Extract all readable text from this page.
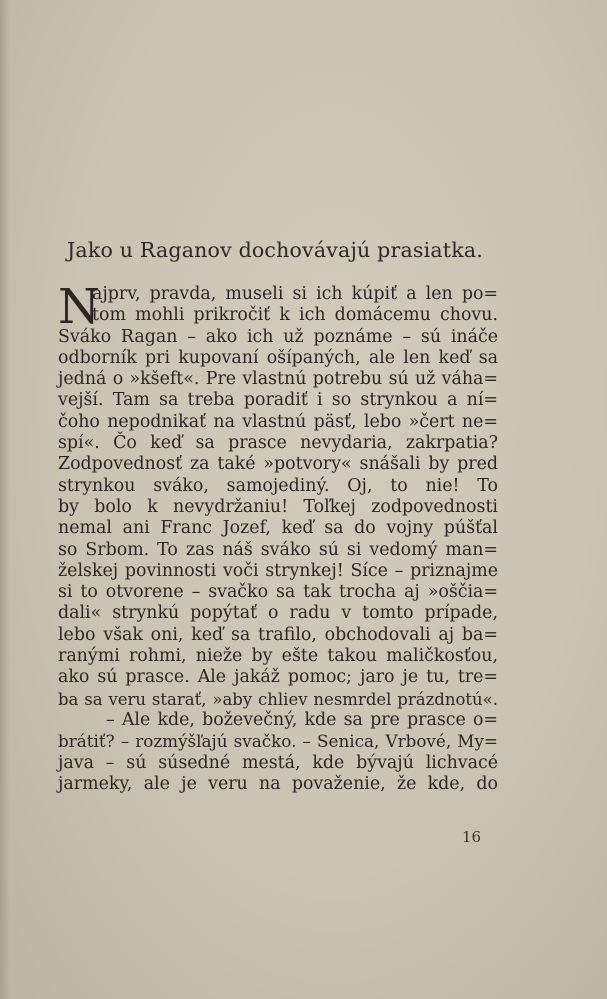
Jako u Raganov dochovávajú prasiatka.
N
ajprv, pravda, museli si ich kúpiť a len po=
tom mohli prikročiť k ich domácemu chovu.
Sváko Ragan – ako ich už poznáme – sú ináče
odborník pri kupovaní ošípaných, ale len keď sa
jedná o »kšeft«. Pre vlastnú potrebu sú už váha=
vejší. Tam sa treba poradiť i so strynkou a ní=
čoho nepodnikať na vlastnú päsť, lebo »čert ne=
spí«. Čo keď sa prasce nevydaria, zakrpatia?
Zodpovednosť za také »potvory« snášali by pred
strynkou sváko, samojediný. Oj, to nie! To
by bolo k nevydržaniu! Toľkej zodpovednosti
nemal ani Franc Jozef, keď sa do vojny púšťal
so Srbom. To zas náš sváko sú si vedomý man=
želskej povinnosti voči strynkej! Síce – priznajme
si to otvorene – svačko sa tak trocha aj »oščia=
dali« strynkú popýtať o radu v tomto prípade,
lebo však oni, keď sa trafilo, obchodovali aj ba=
ranými rohmi, nieže by ešte takou maličkosťou,
ako sú prasce. Ale jakáž pomoc; jaro je tu, tre=
ba sa veru starať, »aby chliev nesmrdel prázdnotú«.
– Ale kde, boževečný, kde sa pre prasce o=
brátiť? – rozmýšľajú svačko. – Senica, Vrbové, My=
java – sú súsedné mestá, kde bývajú lichvacé
jarmeky, ale je veru na považenie, že kde, do
16
